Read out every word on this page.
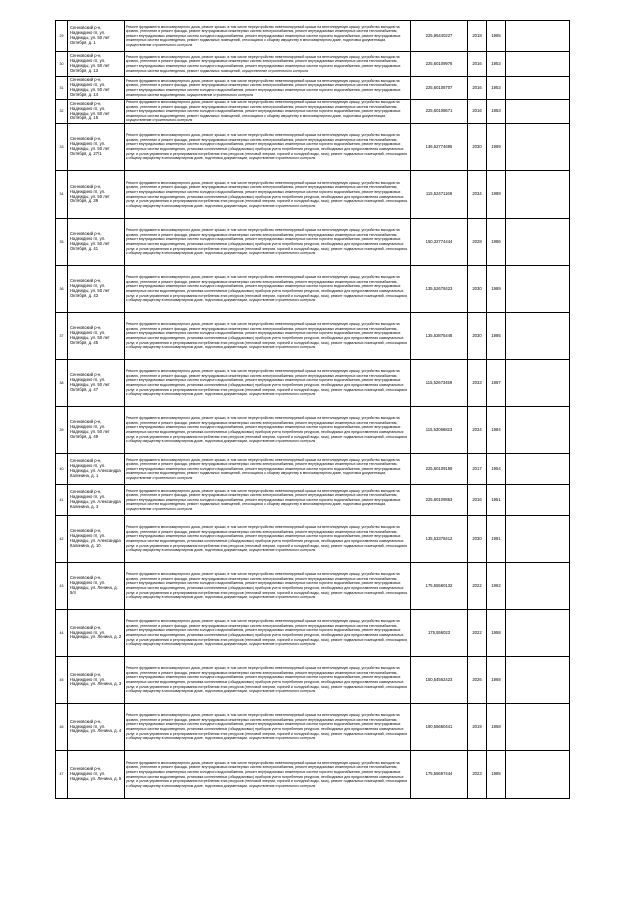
29	Сенновский р-н, Надеждино гп, ул. Надежды, ул. 50 лет Октября, д. 1	Ремонт фундамента многоквартирного дома, ремонт крыши, в том числе переустройство невентилируемой крыши на вентилируемую крышу, устройство выходов на кровлю, утепление и ремонт фасада, ремонт внутридомовых инженерных систем электроснабжения, ремонт внутридомовых инженерных систем теплоснабжения, ремонт внутридомовых инженерных систем холодного водоснабжения, ремонт внутридомовых инженерных систем горячего водоснабжения, ремонт внутридомовых инженерных систем водоотведения, ремонт подвальных помещений, относящихся к общему имуществу в многоквартирном доме, подготовка документации, осуществление строительного контроля	225,95440227	2018	1965	
30	Сенновский р-н, Надеждино гп, ул. Надежды, ул. 50 лет Октября, д. 13	Ремонт фундамента многоквартирного дома, ремонт крыши, в том числе переустройство невентилируемой крыши на вентилируемую крышу, устройство выходов на кровлю, утепление и ремонт фасада, ремонт внутридомовых инженерных систем электроснабжения, ремонт внутридомовых инженерных систем теплоснабжения, ремонт внутридомовых инженерных систем холодного водоснабжения, ремонт внутридомовых инженерных систем горячего водоснабжения, ремонт внутридомовых инженерных систем водоотведения, ремонт подвальных помещений, осуществление строительного контроля	225,60109976	2016	1953	
31	Сенновский р-н, Надеждино гп, ул. Надежды, ул. 50 лет Октября, д. 14	Ремонт фундамента многоквартирного дома, ремонт крыши, в том числе переустройство невентилируемой крыши на вентилируемую крышу, устройство выходов на кровлю, утепление и ремонт фасада, ремонт внутридомовых инженерных систем электроснабжения, ремонт внутридомовых инженерных систем теплоснабжения, ремонт внутридомовых инженерных систем холодного водоснабжения, ремонт внутридомовых инженерных систем горячего водоснабжения, ремонт внутридомовых инженерных систем водоотведения, осуществление строительного контроля	225,60108707	2016	1953	
32	Сенновский р-н, Надеждино гп, ул. Надежды, ул. 50 лет Октября, д. 15	Ремонт фундамента многоквартирного дома, ремонт крыши, в том числе переустройство невентилируемой крыши на вентилируемую крышу, устройство выходов на кровлю, утепление и ремонт фасада, ремонт внутридомовых инженерных систем электроснабжения, ремонт внутридомовых инженерных систем теплоснабжения, ремонт внутридомовых инженерных систем холодного водоснабжения, ремонт внутридомовых инженерных систем горячего водоснабжения, ремонт внутридомовых инженерных систем водоотведения, ремонт подвальных помещений, относящихся к общему имуществу в многоквартирном доме, подготовка документации, осуществление строительного контроля	225,60108671	2016	1953	
33	Сенновский р-н, Надеждино гп, ул. Надежды, ул. 50 лет Октября, д. 27/1	Ремонт фундамента многоквартирного дома, ремонт крыши, в том числе переустройство невентилируемой крыши на вентилируемую крышу, устройство выходов на кровлю, утепление и ремонт фасада, ремонт внутридомовых инженерных систем электроснабжения, ремонт внутридомовых инженерных систем теплоснабжения, ремонт внутридомовых инженерных систем холодного водоснабжения, ремонт внутридомовых инженерных систем горячего водоснабжения, ремонт внутридомовых инженерных систем водоотведения, установка коллективных (общедомовых) приборов учета потребления ресурсов, необходимых для предоставления коммунальных услуг, и узлов управления и регулирования потребления этих ресурсов (тепловой энергии, горячей и холодной воды, газа), ремонт подвальных помещений, относящихся к общему имуществу в многоквартирном доме, подготовка документации, осуществление строительного контроля	136,52774695	2030	1989	
34	Сенновский р-н, Надеждино гп, ул. Надежды, ул. 50 лет Октября, д. 39	Ремонт фундамента многоквартирного дома, ремонт крыши, в том числе переустройство невентилируемой крыши на вентилируемую крышу, устройство выходов на кровлю, утепление и ремонт фасада, ремонт внутридомовых инженерных систем электроснабжения, ремонт внутридомовых инженерных систем теплоснабжения, ремонт внутридомовых инженерных систем холодного водоснабжения, ремонт внутридомовых инженерных систем горячего водоснабжения, ремонт внутридомовых инженерных систем водоотведения, установка коллективных (общедомовых) приборов учета потребления ресурсов, необходимых для предоставления коммунальных услуг, и узлов управления и регулирования потребления этих ресурсов (тепловой энергии, горячей и холодной воды, газа), ремонт подвальных помещений, относящихся к общему имуществу в многоквартирном доме, подготовка документации, осуществление строительного контроля	115,52471169	2034	1989	
35	Сенновский р-н, Надеждино гп, ул. Надежды, ул. 50 лет Октября, д. 41	Ремонт фундамента многоквартирного дома, ремонт крыши, в том числе переустройство невентилируемой крыши на вентилируемую крышу, устройство выходов на кровлю, утепление и ремонт фасада, ремонт внутридомовых инженерных систем электроснабжения, ремонт внутридомовых инженерных систем теплоснабжения, ремонт внутридомовых инженерных систем холодного водоснабжения, ремонт внутридомовых инженерных систем горячего водоснабжения, ремонт внутридомовых инженерных систем водоотведения, установка коллективных (общедомовых) приборов учета потребления ресурсов, необходимых для предоставления коммунальных услуг, и узлов управления и регулирования потребления этих ресурсов (тепловой энергии, горячей и холодной воды, газа), ремонт подвальных помещений, относящихся к общему имуществу в многоквартирном доме, подготовка документации, осуществление строительного контроля	150,32774444	2028	1986	
36	Сенновский р-н, Надеждино гп, ул. Надежды, ул. 50 лет Октября, д. 43	Ремонт фундамента многоквартирного дома, ремонт крыши, в том числе переустройство невентилируемой крыши на вентилируемую крышу, устройство выходов на кровлю, утепление и ремонт фасада, ремонт внутридомовых инженерных систем электроснабжения, ремонт внутридомовых инженерных систем теплоснабжения, ремонт внутридомовых инженерных систем холодного водоснабжения, ремонт внутридомовых инженерных систем горячего водоснабжения, ремонт внутридомовых инженерных систем водоотведения, установка коллективных (общедомовых) приборов учета потребления ресурсов, необходимых для предоставления коммунальных услуг, и узлов управления и регулирования потребления этих ресурсов (тепловой энергии, горячей и холодной воды, газа), ремонт подвальных помещений, относящихся к общему имуществу в многоквартирном доме, подготовка документации, осуществление строительного контроля	135,52678423	2030	1989	
37	Сенновский р-н, Надеждино гп, ул. Надежды, ул. 50 лет Октября, д. 45	Ремонт фундамента многоквартирного дома, ремонт крыши, в том числе переустройство невентилируемой крыши на вентилируемую крышу, устройство выходов на кровлю, утепление и ремонт фасада, ремонт внутридомовых инженерных систем электроснабжения, ремонт внутридомовых инженерных систем теплоснабжения, ремонт внутридомовых инженерных систем холодного водоснабжения, ремонт внутридомовых инженерных систем горячего водоснабжения, ремонт внутридомовых инженерных систем водоотведения, установка коллективных (общедомовых) приборов учета потребления ресурсов, необходимых для предоставления коммунальных услуг, и узлов управления и регулирования потребления этих ресурсов (тепловой энергии, горячей и холодной воды, газа), ремонт подвальных помещений, относящихся к общему имуществу в многоквартирном доме, подготовка документации, осуществление строительного контроля	135,53875448	2030	1985	
38	Сенновский р-н, Надеждино гп, ул. Надежды, ул. 50 лет Октября, д. 47	Ремонт фундамента многоквартирного дома, ремонт крыши, в том числе переустройство невентилируемой крыши на вентилируемую крышу, устройство выходов на кровлю, утепление и ремонт фасада, ремонт внутридомовых инженерных систем электроснабжения, ремонт внутридомовых инженерных систем теплоснабжения, ремонт внутридомовых инженерных систем холодного водоснабжения, ремонт внутридомовых инженерных систем горячего водоснабжения, ремонт внутридомовых инженерных систем водоотведения, установка коллективных (общедомовых) приборов учета потребления ресурсов, необходимых для предоставления коммунальных услуг, и узлов управления и регулирования потребления этих ресурсов (тепловой энергии, горячей и холодной воды, газа), ремонт подвальных помещений, относящихся к общему имуществу в многоквартирном доме, подготовка документации, осуществление строительного контроля	115,52673459	2033	1987	
39	Сенновский р-н, Надеждино гп, ул. Надежды, ул. 50 лет Октября, д. 49	Ремонт фундамента многоквартирного дома, ремонт крыши, в том числе переустройство невентилируемой крыши на вентилируемую крышу, устройство выходов на кровлю, утепление и ремонт фасада, ремонт внутридомовых инженерных систем электроснабжения, ремонт внутридомовых инженерных систем теплоснабжения, ремонт внутридомовых инженерных систем холодного водоснабжения, ремонт внутридомовых инженерных систем горячего водоснабжения, ремонт внутридомовых инженерных систем водоотведения, установка коллективных (общедомовых) приборов учета потребления ресурсов, необходимых для предоставления коммунальных услуг, и узлов управления и регулирования потребления этих ресурсов (тепловой энергии, горячей и холодной воды, газа), ремонт подвальных помещений, относящихся к общему имуществу в многоквартирном доме, подготовка документации, осуществление строительного контроля	115,53066823	2034	1984	
40	Сенновский р-н, Надеждино гп, ул. Надежды, ул. Александра Калинина, д. 1	Ремонт фундамента многоквартирного дома, ремонт крыши, в том числе переустройство невентилируемой крыши на вентилируемую крышу, устройство выходов на кровлю, утепление и ремонт фасада, ремонт внутридомовых инженерных систем электроснабжения, ремонт внутридомовых инженерных систем теплоснабжения, ремонт внутридомовых инженерных систем холодного водоснабжения, ремонт внутридомовых инженерных систем горячего водоснабжения, ремонт внутридомовых инженерных систем водоотведения, ремонт подвальных помещений, относящихся к общему имуществу в многоквартирном доме, подготовка документации, осуществление строительного контроля	225,60109159	2017	1954	
41	Сенновский р-н, Надеждино гп, ул. Надежды, ул. Александра Калинина, д. 3	Ремонт фундамента многоквартирного дома, ремонт крыши, в том числе переустройство невентилируемой крыши на вентилируемую крышу, устройство выходов на кровлю, утепление и ремонт фасада, ремонт внутридомовых инженерных систем электроснабжения, ремонт внутридомовых инженерных систем теплоснабжения, ремонт внутридомовых инженерных систем холодного водоснабжения, ремонт внутридомовых инженерных систем горячего водоснабжения, ремонт внутридомовых инженерных систем водоотведения, ремонт подвальных помещений, относящихся к общему имуществу в многоквартирном доме, подготовка документации, осуществление строительного контроля	225,60109863	2016	1951	
42	Сенновский р-н, Надеждино гп, ул. Надежды, ул. Александра Калинина, д. 10	Ремонт фундамента многоквартирного дома, ремонт крыши, в том числе переустройство невентилируемой крыши на вентилируемую крышу, устройство выходов на кровлю, утепление и ремонт фасада, ремонт внутридомовых инженерных систем электроснабжения, ремонт внутридомовых инженерных систем теплоснабжения, ремонт внутридомовых инженерных систем холодного водоснабжения, ремонт внутридомовых инженерных систем горячего водоснабжения, ремонт внутридомовых инженерных систем водоотведения, установка коллективных (общедомовых) приборов учета потребления ресурсов, необходимых для предоставления коммунальных услуг, и узлов управления и регулирования потребления этих ресурсов (тепловой энергии, горячей и холодной воды, газа), ремонт подвальных помещений, относящихся к общему имуществу в многоквартирном доме, подготовка документации, осуществление строительного контроля	135,53378412	2030	1981	
43	Сенновский р-н, Надеждино гп, ул. Надежды, ул. Ленина, д. 5/4	Ремонт фундамента многоквартирного дома, ремонт крыши, в том числе переустройство невентилируемой крыши на вентилируемую крышу, устройство выходов на кровлю, утепление и ремонт фасада, ремонт внутридомовых инженерных систем электроснабжения, ремонт внутридомовых инженерных систем теплоснабжения, ремонт внутридомовых инженерных систем холодного водоснабжения, ремонт внутридомовых инженерных систем горячего водоснабжения, ремонт внутридомовых инженерных систем водоотведения, установка коллективных (общедомовых) приборов учета потребления ресурсов, необходимых для предоставления коммунальных услуг, и узлов управления и регулирования потребления этих ресурсов (тепловой энергии, горячей и холодной воды, газа), ремонт подвальных помещений, относящихся к общему имуществу в многоквартирном доме, подготовка документации, осуществление строительного контроля	175,55560132	2022	1962	
44	Сенновский р-н, Надеждино гп, ул. Надежды, ул. Ленина, д. 2	Ремонт фундамента многоквартирного дома, ремонт крыши, в том числе переустройство невентилируемой крыши на вентилируемую крышу, устройство выходов на кровлю, утепление и ремонт фасада, ремонт внутридомовых инженерных систем электроснабжения, ремонт внутридомовых инженерных систем теплоснабжения, ремонт внутридомовых инженерных систем холодного водоснабжения, ремонт внутридомовых инженерных систем горячего водоснабжения, ремонт внутридомовых инженерных систем водоотведения, установка коллективных (общедомовых) приборов учета потребления ресурсов, необходимых для предоставления коммунальных услуг, и узлов управления и регулирования потребления этих ресурсов (тепловой энергии, горячей и холодной воды, газа), ремонт подвальных помещений, относящихся к общему имуществу в многоквартирном доме, подготовка документации, осуществление строительного контроля	175,556023	2022	1958	
45	Сенновский р-н, Надеждино гп, ул. Надежды, ул. Ленина, д. 3	Ремонт фундамента многоквартирного дома, ремонт крыши, в том числе переустройство невентилируемой крыши на вентилируемую крышу, устройство выходов на кровлю, утепление и ремонт фасада, ремонт внутридомовых инженерных систем электроснабжения, ремонт внутридомовых инженерных систем теплоснабжения, ремонт внутридомовых инженерных систем холодного водоснабжения, ремонт внутридомовых инженерных систем горячего водоснабжения, ремонт внутридомовых инженерных систем водоотведения, установка коллективных (общедомовых) приборов учета потребления ресурсов, необходимых для предоставления коммунальных услуг, и узлов управления и регулирования потребления этих ресурсов (тепловой энергии, горячей и холодной воды, газа), ремонт подвальных помещений, относящихся к общему имуществу в многоквартирном доме, подготовка документации, осуществление строительного контроля	150,54562423	2026	1968	
46	Сенновский р-н, Надеждино гп, ул. Надежды, ул. Ленина, д. 4	Ремонт фундамента многоквартирного дома, ремонт крыши, в том числе переустройство невентилируемой крыши на вентилируемую крышу, устройство выходов на кровлю, утепление и ремонт фасада, ремонт внутридомовых инженерных систем электроснабжения, ремонт внутридомовых инженерных систем теплоснабжения, ремонт внутридомовых инженерных систем холодного водоснабжения, ремонт внутридомовых инженерных систем горячего водоснабжения, ремонт внутридомовых инженерных систем водоотведения, установка коллективных (общедомовых) приборов учета потребления ресурсов, необходимых для предоставления коммунальных услуг, и узлов управления и регулирования потребления этих ресурсов (тепловой энергии, горячей и холодной воды, газа), ремонт подвальных помещений, относящихся к общему имуществу в многоквартирном доме, подготовка документации, осуществление строительного контроля	190,55660441	2019	1958	
47	Сенновский р-н, Надеждино гп, ул. Надежды, ул. Ленина, д. 5	Ремонт фундамента многоквартирного дома, ремонт крыши, в том числе переустройство невентилируемой крыши на вентилируемую крышу, устройство выходов на кровлю, утепление и ремонт фасада, ремонт внутридомовых инженерных систем электроснабжения, ремонт внутридомовых инженерных систем теплоснабжения, ремонт внутридомовых инженерных систем холодного водоснабжения, ремонт внутридомовых инженерных систем горячего водоснабжения, ремонт внутридомовых инженерных систем водоотведения, установка коллективных (общедомовых) приборов учета потребления ресурсов, необходимых для предоставления коммунальных услуг, и узлов управления и регулирования потребления этих ресурсов (тепловой энергии, горячей и холодной воды, газа), ремонт подвальных помещений, относящихся к общему имуществу в многоквартирном доме, подготовка документации, осуществление строительного контроля	175,55697444	2023	1965	
